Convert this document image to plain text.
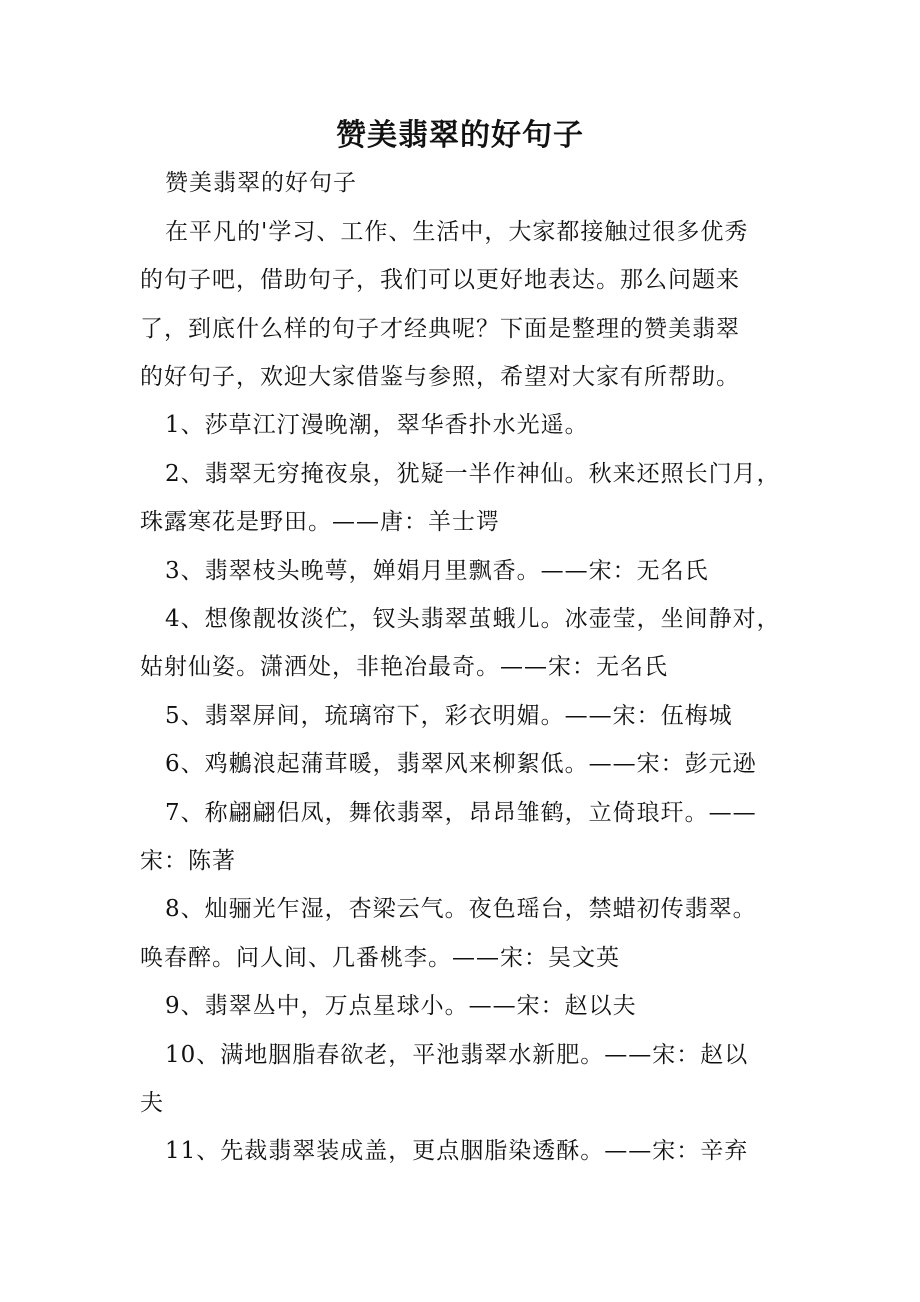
赞美翡翠的好句子
赞美翡翠的好句子
在平凡的'学习、工作、生活中，大家都接触过很多优秀
的句子吧，借助句子，我们可以更好地表达。那么问题来
了，到底什么样的句子才经典呢？下面是整理的赞美翡翠
的好句子，欢迎大家借鉴与参照，希望对大家有所帮助。
1、莎草江汀漫晚潮，翠华香扑水光遥。
2、翡翠无穷掩夜泉，犹疑一半作神仙。秋来还照长门月，
珠露寒花是野田。——唐：羊士谔
3、翡翠枝头晚萼，婵娟月里飘香。——宋：无名氏
4、想像靓妆淡伫，钗头翡翠茧蛾儿。冰壶莹，坐间静对，
姑射仙姿。潇洒处，非艳冶最奇。——宋：无名氏
5、翡翠屏间，琉璃帘下，彩衣明媚。——宋：伍梅城
6、鸡鶒浪起蒲茸暖，翡翠风来柳絮低。——宋：彭元逊
7、称翩翩侣凤，舞依翡翠，昂昂雏鹤，立倚琅玕。——
宋：陈著
8、灿骊光乍湿，杏梁云气。夜色瑶台，禁蜡初传翡翠。
唤春醉。问人间、几番桃李。——宋：吴文英
9、翡翠丛中，万点星球小。——宋：赵以夫
10、满地胭脂春欲老，平池翡翠水新肥。——宋：赵以
夫
11、先裁翡翠装成盖，更点胭脂染透酥。——宋：辛弃
